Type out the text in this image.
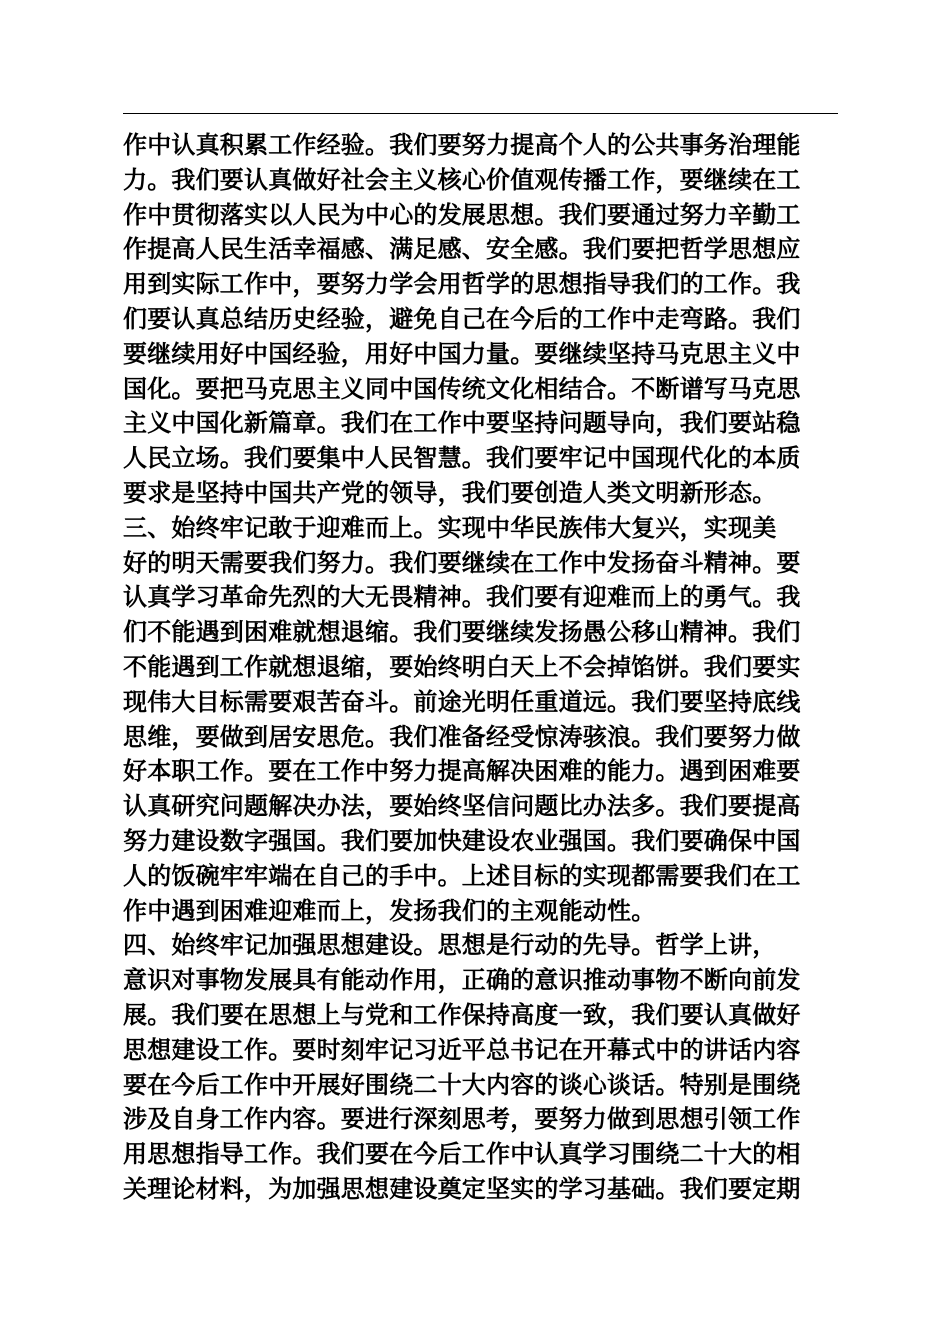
作中认真积累工作经验。我们要努力提高个人的公共事务治理能
力。我们要认真做好社会主义核心价值观传播工作，要继续在工
作中贯彻落实以人民为中心的发展思想。我们要通过努力辛勤工
作提高人民生活幸福感、满足感、安全感。我们要把哲学思想应
用到实际工作中，要努力学会用哲学的思想指导我们的工作。我
们要认真总结历史经验，避免自己在今后的工作中走弯路。我们
要继续用好中国经验，用好中国力量。要继续坚持马克思主义中
国化。要把马克思主义同中国传统文化相结合。不断谱写马克思
主义中国化新篇章。我们在工作中要坚持问题导向，我们要站稳
人民立场。我们要集中人民智慧。我们要牢记中国现代化的本质
要求是坚持中国共产党的领导，我们要创造人类文明新形态。
三、始终牢记敢于迎难而上。实现中华民族伟大复兴，实现美
好的明天需要我们努力。我们要继续在工作中发扬奋斗精神。要
认真学习革命先烈的大无畏精神。我们要有迎难而上的勇气。我
们不能遇到困难就想退缩。我们要继续发扬愚公移山精神。我们
不能遇到工作就想退缩，要始终明白天上不会掉馅饼。我们要实
现伟大目标需要艰苦奋斗。前途光明任重道远。我们要坚持底线
思维，要做到居安思危。我们准备经受惊涛骇浪。我们要努力做
好本职工作。要在工作中努力提高解决困难的能力。遇到困难要
认真研究问题解决办法，要始终坚信问题比办法多。我们要提高
努力建设数字强国。我们要加快建设农业强国。我们要确保中国
人的饭碗牢牢端在自己的手中。上述目标的实现都需要我们在工
作中遇到困难迎难而上，发扬我们的主观能动性。
四、始终牢记加强思想建设。思想是行动的先导。哲学上讲，
意识对事物发展具有能动作用，正确的意识推动事物不断向前发
展。我们要在思想上与党和工作保持高度一致，我们要认真做好
思想建设工作。要时刻牢记习近平总书记在开幕式中的讲话内容
要在今后工作中开展好围绕二十大内容的谈心谈话。特别是围绕
涉及自身工作内容。要进行深刻思考，要努力做到思想引领工作
用思想指导工作。我们要在今后工作中认真学习围绕二十大的相
关理论材料，为加强思想建设奠定坚实的学习基础。我们要定期
